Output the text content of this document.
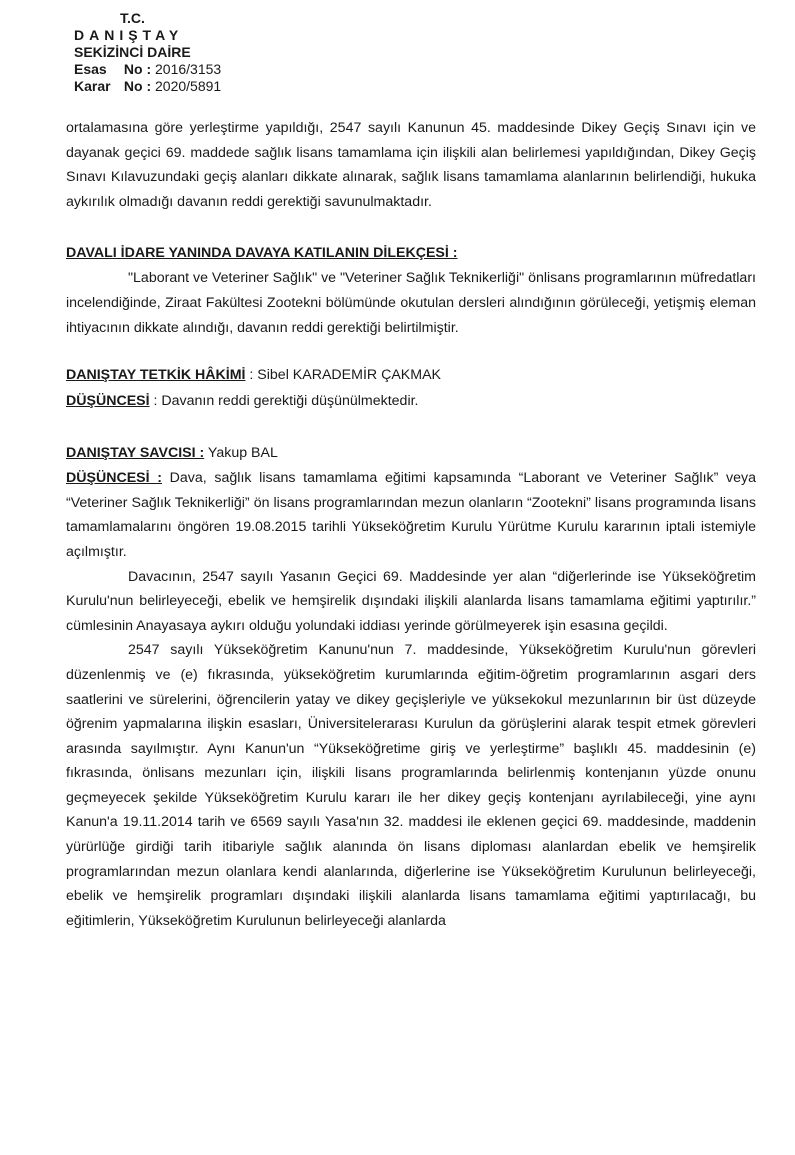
T.C.
DANIŞTAY
SEKİZİNCİ DAİRE
Esas No : 2016/3153
Karar No : 2020/5891

ortalamasına göre yerleştirme yapıldığı, 2547 sayılı Kanunun 45. maddesinde Dikey Geçiş Sınavı için ve dayanak geçici 69. maddede sağlık lisans tamamlama için ilişkili alan belirlemesi yapıldığından, Dikey Geçiş Sınavı Kılavuzundaki geçiş alanları dikkate alınarak, sağlık lisans tamamlama alanlarının belirlendiği, hukuka aykırılık olmadığı davanın reddi gerektiği savunulmaktadır.

DAVALI İDARE YANINDA DAVAYA KATILANIN DİLEKÇESİ :

"Laborant ve Veteriner Sağlık" ve "Veteriner Sağlık Teknikerliği" önlisans programlarının müfredatları incelendiğinde, Ziraat Fakültesi Zootekni bölümünde okutulan dersleri alındığının görüleceği, yetişmiş eleman ihtiyacının dikkate alındığı, davanın reddi gerektiği belirtilmiştir.

DANIŞTAY TETKİK HÂKİMİ : Sibel KARADEMİR ÇAKMAK

DÜŞÜNCESİ : Davanın reddi gerektiği düşünülmektedir.

DANIŞTAY SAVCISI : Yakup BAL

DÜŞÜNCESİ : Dava, sağlık lisans tamamlama eğitimi kapsamında “Laborant ve Veteriner Sağlık” veya “Veteriner Sağlık Teknikerliği” ön lisans programlarından mezun olanların “Zootekni” lisans programında lisans tamamlamalarını öngören 19.08.2015 tarihli Yükseköğretim Kurulu Yürütme Kurulu kararının iptali istemiyle açılmıştır.

Davacının, 2547 sayılı Yasanın Geçici 69. Maddesinde yer alan “diğerlerinde ise Yükseköğretim Kurulu'nun belirleyeceği, ebelik ve hemşirelik dışındaki ilişkili alanlarda lisans tamamlama eğitimi yaptırılır.” cümlesinin Anayasaya aykırı olduğu yolundaki iddiası yerinde görülmeyerek işin esasına geçildi.

2547 sayılı Yükseköğretim Kanunu'nun 7. maddesinde, Yükseköğretim Kurulu'nun görevleri düzenlenmiş ve (e) fıkrasında, yükseköğretim kurumlarında eğitim-öğretim programlarının asgari ders saatlerini ve sürelerini, öğrencilerin yatay ve dikey geçişleriyle ve yüksekokul mezunlarının bir üst düzeyde öğrenim yapmalarına ilişkin esasları, Üniversitelerarası Kurulun da görüşlerini alarak tespit etmek görevleri arasında sayılmıştır. Aynı Kanun'un “Yükseköğretime giriş ve yerleştirme” başlıklı 45. maddesinin (e) fıkrasında, önlisans mezunları için, ilişkili lisans programlarında belirlenmiş kontenjanın yüzde onunu geçmeyecek şekilde Yükseköğretim Kurulu kararı ile her dikey geçiş kontenjanı ayrılabileceği, yine aynı Kanun'a 19.11.2014 tarih ve 6569 sayılı Yasa'nın 32. maddesi ile eklenen geçici 69. maddesinde, maddenin yürürlüğe girdiği tarih itibariyle sağlık alanında ön lisans diploması alanlardan ebelik ve hemşirelik programlarından mezun olanlara kendi alanlarında, diğerlerine ise Yükseköğretim Kurulunun belirleyeceği, ebelik ve hemşirelik programları dışındaki ilişkili alanlarda lisans tamamlama eğitimi yaptırılacağı, bu eğitimlerin, Yükseköğretim Kurulunun belirleyeceği alanlarda
